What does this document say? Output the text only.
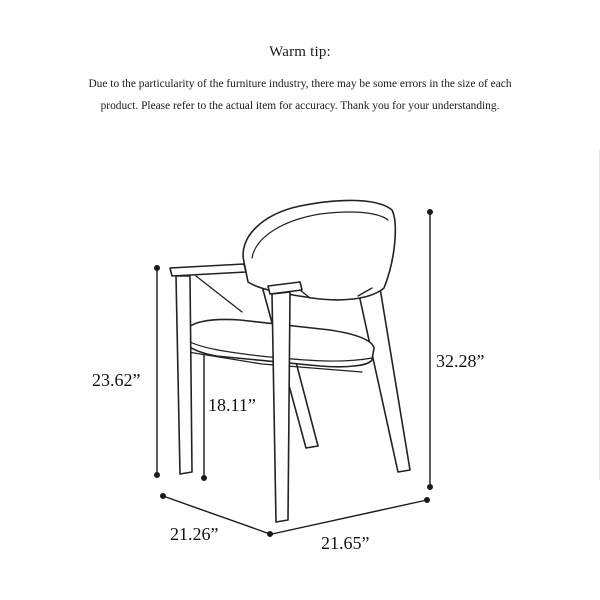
Warm tip:
Due to the particularity of the furniture industry, there may be some errors in the size of each
product. Please refer to the actual item for accuracy. Thank you for your understanding.
23.62”
18.11”
32.28”
21.26”	21.65”
